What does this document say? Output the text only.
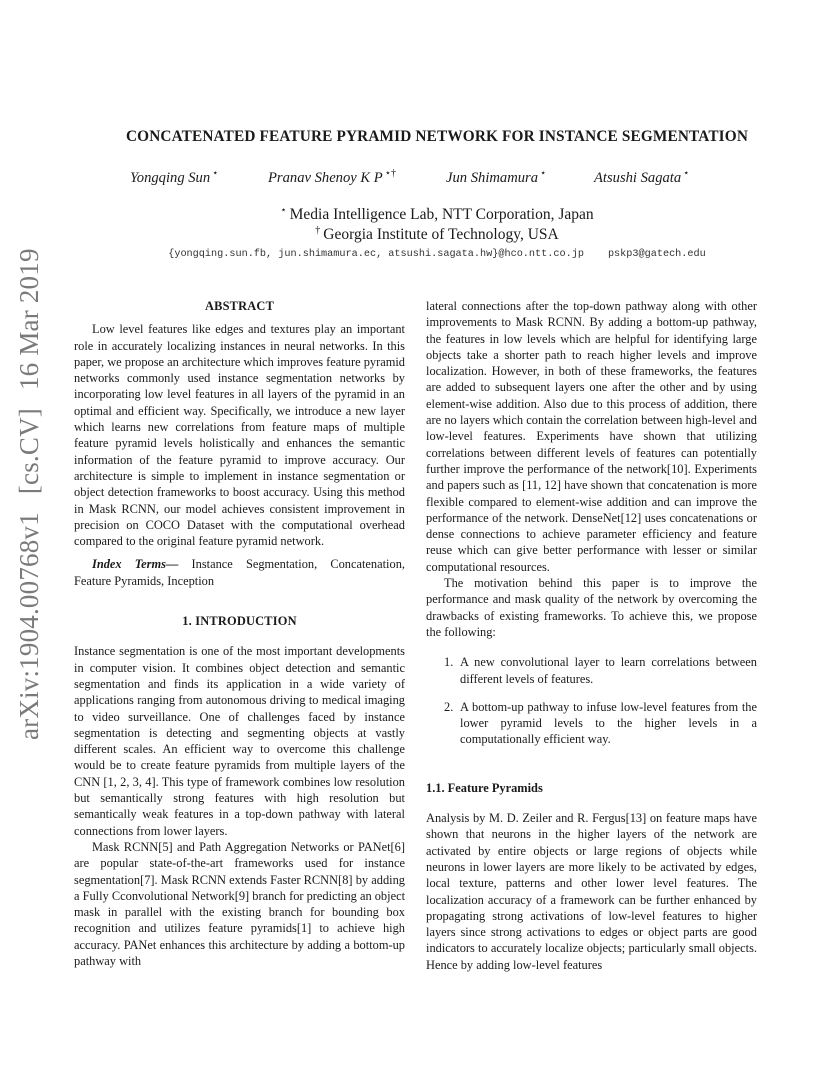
arXiv:1904.00768v1[cs.CV]16 Mar 2019
CONCATENATED FEATURE PYRAMID NETWORK FOR INSTANCE SEGMENTATION
Yongqing Sun ⋆	Pranav Shenoy K P ⋆†	Jun Shimamura ⋆	Atsushi Sagata ⋆
⋆ Media Intelligence Lab, NTT Corporation, Japan
† Georgia Institute of Technology, USA
{yongqing.sun.fb, jun.shimamura.ec, atsushi.sagata.hw}@hco.ntt.co.jp pskp3@gatech.edu
ABSTRACT

Low level features like edges and textures play an important role in accurately localizing instances in neural networks. In this paper, we propose an architecture which improves feature pyramid networks commonly used instance segmentation networks by incorporating low level features in all layers of the pyramid in an optimal and efficient way. Specifically, we introduce a new layer which learns new correlations from feature maps of multiple feature pyramid levels holistically and enhances the semantic information of the feature pyramid to improve accuracy. Our architecture is simple to implement in instance segmentation or object detection frameworks to boost accuracy. Using this method in Mask RCNN, our model achieves consistent improvement in precision on COCO Dataset with the computational overhead compared to the original feature pyramid network.

Index Terms— Instance Segmentation, Concatenation, Feature Pyramids, Inception

1. INTRODUCTION

Instance segmentation is one of the most important developments in computer vision. It combines object detection and semantic segmentation and finds its application in a wide variety of applications ranging from autonomous driving to medical imaging to video surveillance. One of challenges faced by instance segmentation is detecting and segmenting objects at vastly different scales. An efficient way to overcome this challenge would be to create feature pyramids from multiple layers of the CNN [1, 2, 3, 4]. This type of framework combines low resolution but semantically strong features with high resolution but semantically weak features in a top-down pathway with lateral connections from lower layers.

Mask RCNN[5] and Path Aggregation Networks or PANet[6] are popular state-of-the-art frameworks used for instance segmentation[7]. Mask RCNN extends Faster RCNN[8] by adding a Fully Cconvolutional Network[9] branch for predicting an object mask in parallel with the existing branch for bounding box recognition and utilizes feature pyramids[1] to achieve high accuracy. PANet enhances this architecture by adding a bottom-up pathway with

lateral connections after the top-down pathway along with other improvements to Mask RCNN. By adding a bottom-up pathway, the features in low levels which are helpful for identifying large objects take a shorter path to reach higher levels and improve localization. However, in both of these frameworks, the features are added to subsequent layers one after the other and by using element-wise addition. Also due to this process of addition, there are no layers which contain the correlation between high-level and low-level features. Experiments have shown that utilizing correlations between different levels of features can potentially further improve the performance of the network[10]. Experiments and papers such as [11, 12] have shown that concatenation is more flexible compared to element-wise addition and can improve the performance of the network. DenseNet[12] uses concatenations or dense connections to achieve parameter efficiency and feature reuse which can give better performance with lesser or similar computational resources.

The motivation behind this paper is to improve the performance and mask quality of the network by overcoming the drawbacks of existing frameworks. To achieve this, we propose the following:

1. A new convolutional layer to learn correlations between different levels of features.
2. A bottom-up pathway to infuse low-level features from the lower pyramid levels to the higher levels in a computationally efficient way.
1.1. Feature Pyramids

Analysis by M. D. Zeiler and R. Fergus[13] on feature maps have shown that neurons in the higher layers of the network are activated by entire objects or large regions of objects while neurons in lower layers are more likely to be activated by edges, local texture, patterns and other lower level features. The localization accuracy of a framework can be further enhanced by propagating strong activations of low-level features to higher layers since strong activations to edges or object parts are good indicators to accurately localize objects; particularly small objects. Hence by adding low-level features
